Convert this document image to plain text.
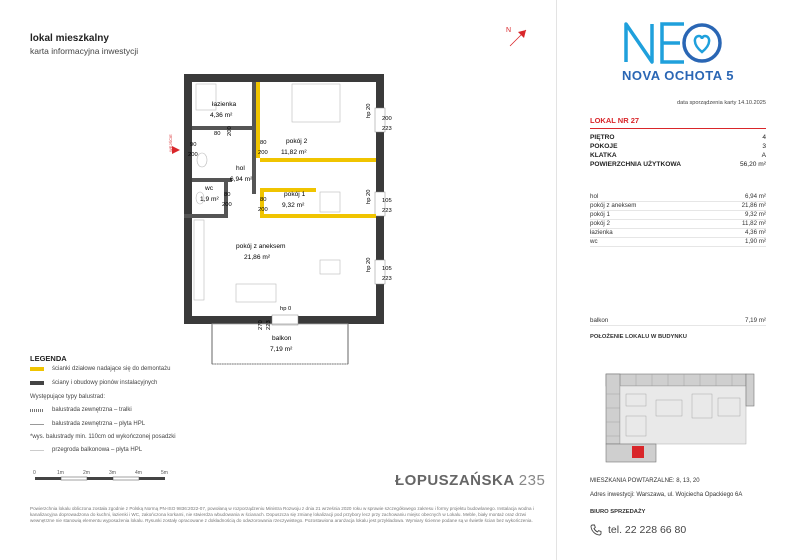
lokal mieszkalny
karta informacyjna inwestycji
N
łazienka
4,36 m²
pokój 2
11,82 m²
hol
6,94 m²
wc
1,9 m²
pokój 1
9,32 m²
pokój z aneksem
21,86 m²
balkon
7,19 m²
80 200
90
200
80
200
80
200
80
200
200
223
105
223
105
223
270 223
hp 20
hp 20
hp 20
hp 0
WEJŚCIE
LEGENDA
ścianki działowe nadające się do demontażu
ściany i obudowy pionów instalacyjnych
Występujące typy balustrad:
balustrada zewnętrzna – tralki
balustrada zewnętrzna – płyta HPL
*wys. balustrady min. 110cm od wykończonej posadzki
przegroda balkonowa – płyta HPL
0	1m	2m	3m	4m	5m	ŁOPUSZAŃSKA 235
Powierzchnia lokalu obliczona została zgodnie z Polską Normą PN-ISO 9836:2022-07, powołaną w rozporządzeniu Ministra Rozwoju z dnia 21 września 2020 roku w sprawie szczegółowego zakresu i formy projektu budowlanego. Instalacja wodna i kanalizacyjna doprowadzona do kuchni, łazienki i WC, zakończona korkami, nie stwierdza wbudowania w ścianach. Dopuszcza się zmianę lokalizacji pod przybory lecz przy zachowaniu miejsc obecnych w Lokalu. Meble, biały montaż oraz drzwi wewnętrzne nie stanowią elementu wyposażenia lokalu. Rysunki zostały opracowane z dokładnością do odwzorowania rzeczywistego. Pozostawiona aranżacja lokalu jest przykładowa. Wymiary ścienne podane są w świetle ścian bez wykończenia.
NOVA OCHOTA 5
data sporządzenia karty 14.10.2025
LOKAL NR 27
PIĘTRO	4
POKOJE	3
KLATKA	A
POWIERZCHNIA UŻYTKOWA	56,20 m²
hol	6,94 m²
pokój z aneksem	21,86 m²
pokój 1	9,32 m²
pokój 2	11,82 m²
łazienka	4,36 m²
wc	1,90 m²
balkon	7,19 m²
POŁOŻENIE LOKALU W BUDYNKU
MIESZKANIA POWTARZALNE: 8, 13, 20
Adres inwestycji: Warszawa, ul. Wojciecha Opackiego 6A
BIURO SPRZEDAŻY
tel. 22 228 66 80
